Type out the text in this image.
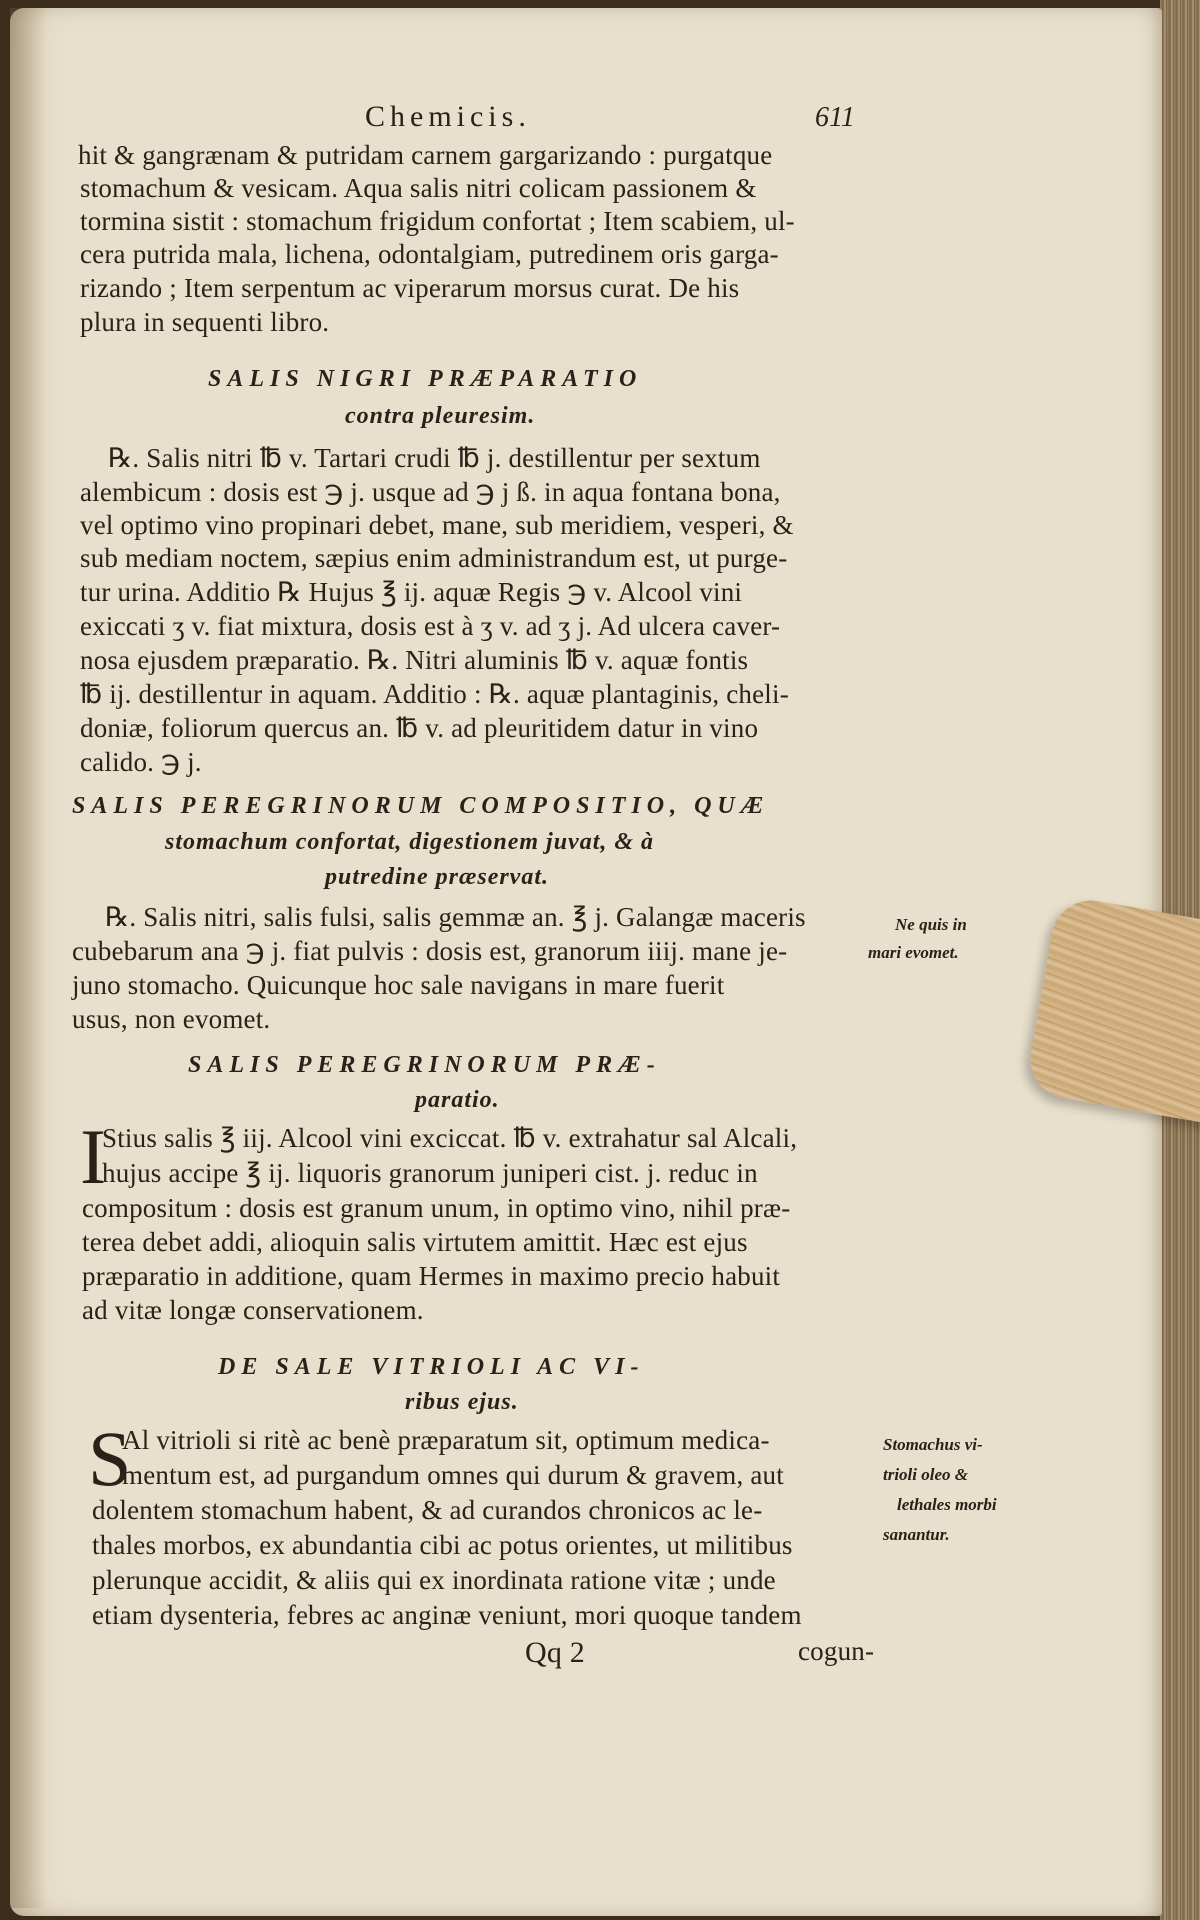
Chemicis.	611
hit & gangrænam & putridam carnem gargarizando : purgatque
stomachum & vesicam. Aqua salis nitri colicam passionem &
tormina sistit : stomachum frigidum confortat ; Item scabiem, ul-
cera putrida mala, lichena, odontalgiam, putredinem oris garga-
rizando ; Item serpentum ac viperarum morsus curat. De his
plura in sequenti libro.
SALIS NIGRI PRÆPARATIO
contra pleuresim.
℞. Salis nitri ℔ v. Tartari crudi ℔ j. destillentur per sextum
alembicum : dosis est ℈ j. usque ad ℈ j ß. in aqua fontana bona,
vel optimo vino propinari debet, mane, sub meridiem, vesperi, &
sub mediam noctem, sæpius enim administrandum est, ut purge-
tur urina. Additio ℞ Hujus ℥ ij. aquæ Regis ℈ v. Alcool vini
exiccati ʒ v. fiat mixtura, dosis est à ʒ v. ad ʒ j. Ad ulcera caver-
nosa ejusdem præparatio. ℞. Nitri aluminis ℔ v. aquæ fontis
℔ ij. destillentur in aquam. Additio : ℞. aquæ plantaginis, cheli-
doniæ, foliorum quercus an. ℔ v. ad pleuritidem datur in vino
calido. ℈ j.
SALIS PEREGRINORUM COMPOSITIO, QUÆ
stomachum confortat, digestionem juvat, & à
putredine præservat.
℞. Salis nitri, salis fulsi, salis gemmæ an. ℥ j. Galangæ maceris
cubebarum ana ℈ j. fiat pulvis : dosis est, granorum iiij. mane je-
juno stomacho. Quicunque hoc sale navigans in mare fuerit
usus, non evomet.
Ne quis in
mari evomet.
SALIS PEREGRINORUM PRÆ-
paratio.
I
Stius salis ℥ iij. Alcool vini exciccat. ℔ v. extrahatur sal Alcali,
hujus accipe ℥ ij. liquoris granorum juniperi cist. j. reduc in
compositum : dosis est granum unum, in optimo vino, nihil præ-
terea debet addi, alioquin salis virtutem amittit. Hæc est ejus
præparatio in additione, quam Hermes in maximo precio habuit
ad vitæ longæ conservationem.
DE SALE VITRIOLI AC VI-
ribus ejus.
S
Al vitrioli si ritè ac benè præparatum sit, optimum medica-
mentum est, ad purgandum omnes qui durum & gravem, aut
dolentem stomachum habent, & ad curandos chronicos ac le-
thales morbos, ex abundantia cibi ac potus orientes, ut militibus
plerunque accidit, & aliis qui ex inordinata ratione vitæ ; unde
etiam dysenteria, febres ac anginæ veniunt, mori quoque tandem
Stomachus vi-
trioli oleo &
lethales morbi
sanantur.
Qq 2	cogun-
